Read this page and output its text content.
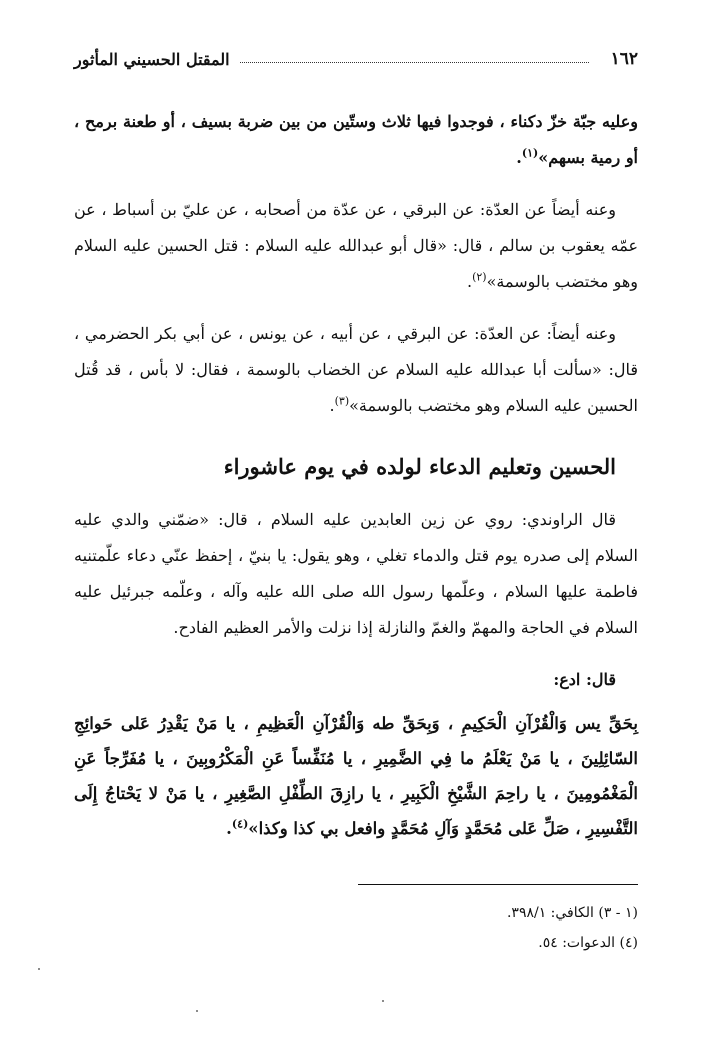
١٦٢
المقتل الحسيني المأثور

وعليه جبّة خزّ دكناء ، فوجدوا فيها ثلاث وستّين من بين ضربة بسيف ، أو طعنة برمح ، أو رمية بسهم»$^{(١)}$.

وعنه أيضاً عن العدّة: عن البرقي ، عن عدّة من أصحابه ، عن عليّ بن أسباط ، عن عمّه يعقوب بن سالم ، قال: «قال أبو عبدالله عليه السلام : قتل الحسين عليه السلام وهو مختضب بالوسمة»$^{(٢)}$.

وعنه أيضاً: عن العدّة: عن البرقي ، عن أبيه ، عن يونس ، عن أبي بكر الحضرمي ، قال: «سألت أبا عبدالله عليه السلام عن الخضاب بالوسمة ، فقال: لا بأس ، قد قُتل الحسين عليه السلام وهو مختضب بالوسمة»$^{(٣)}$.

الحسين وتعليم الدعاء لولده في يوم عاشوراء

قال الراوندي: روي عن زين العابدين عليه السلام ، قال: «ضمّني والدي عليه السلام إلى صدره يوم قتل والدماء تغلي ، وهو يقول: يا بنيّ ، إحفظ عنّي دعاء علّمتنيه فاطمة عليها السلام ، وعلّمها رسول الله صلى الله عليه وآله ، وعلّمه جبرئيل عليه السلام في الحاجة والمهمّ والغمّ والنازلة إذا نزلت والأمر العظيم الفادح.

قال: ادع:

بِحَقِّ يس وَالْقُرْآنِ الْحَكِيمِ ، وَبِحَقِّ طه وَالْقُرْآنِ الْعَظِيمِ ، يا مَنْ يَقْدِرُ عَلى حَوائِجِ السّائِلِينَ ، يا مَنْ يَعْلَمُ ما فِي الضَّمِيرِ ، يا مُنَفِّساً عَنِ الْمَكْرُوبِينَ ، يا مُفَرِّجاً عَنِ الْمَغْمُومِينَ ، يا راحِمَ الشَّيْخِ الْكَبِيرِ ، يا رازِقَ الطِّفْلِ الصَّغِيرِ ، يا مَنْ لا يَحْتاجُ إِلَى التَّفْسِيرِ ، صَلِّ عَلى مُحَمَّدٍ وَآلِ مُحَمَّدٍ وافعل بي كذا وكذا»$^{(٤)}$.

(١ - ٣) الكافي: ٣٩٨/١.
(٤) الدعوات: ٥٤.
